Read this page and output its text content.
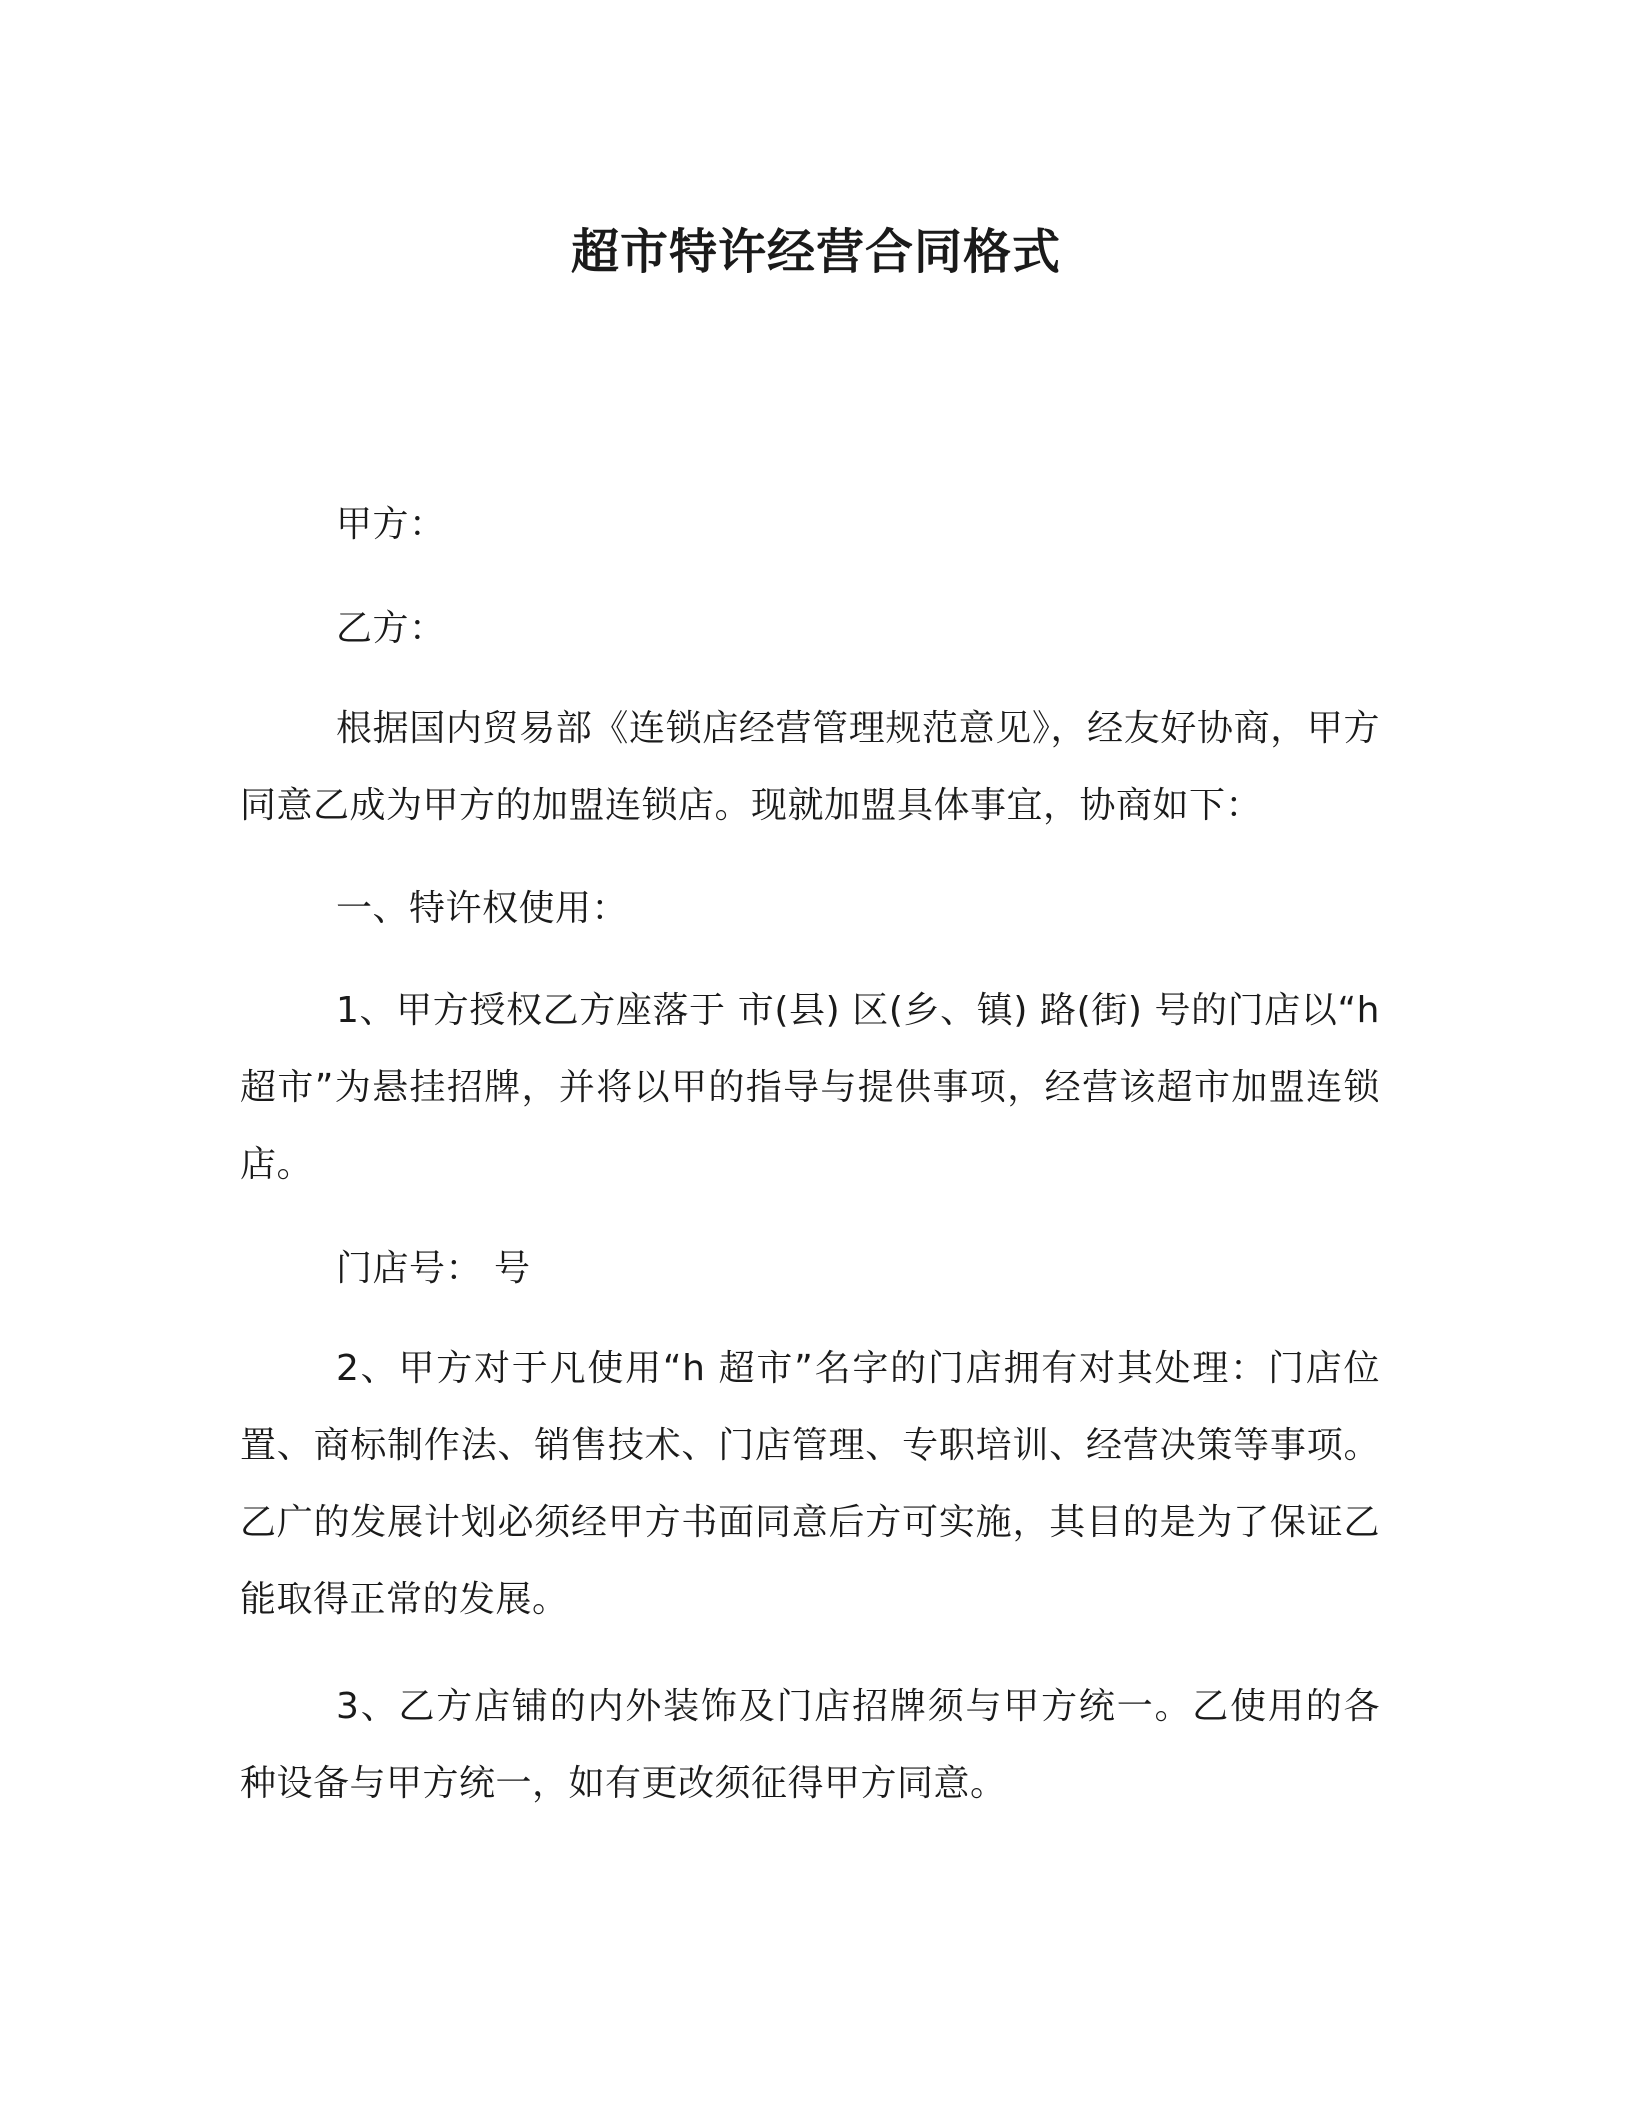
超市特许经营合同格式

甲方：

乙方：

根据国内贸易部《连锁店经营管理规范意见》，经友好协商，甲方同意乙成为甲方的加盟连锁店。现就加盟具体事宜，协商如下：

一、特许权使用：

1、甲方授权乙方座落于 市(县) 区(乡、镇) 路(街) 号的门店以“h 超市”为悬挂招牌，并将以甲的指导与提供事项，经营该超市加盟连锁店。

门店号： 号

2、甲方对于凡使用“h 超市”名字的门店拥有对其处理：门店位置、商标制作法、销售技术、门店管理、专职培训、经营决策等事项。乙广的发展计划必须经甲方书面同意后方可实施，其目的是为了保证乙能取得正常的发展。

3、乙方店铺的内外装饰及门店招牌须与甲方统一。乙使用的各种设备与甲方统一，如有更改须征得甲方同意。
